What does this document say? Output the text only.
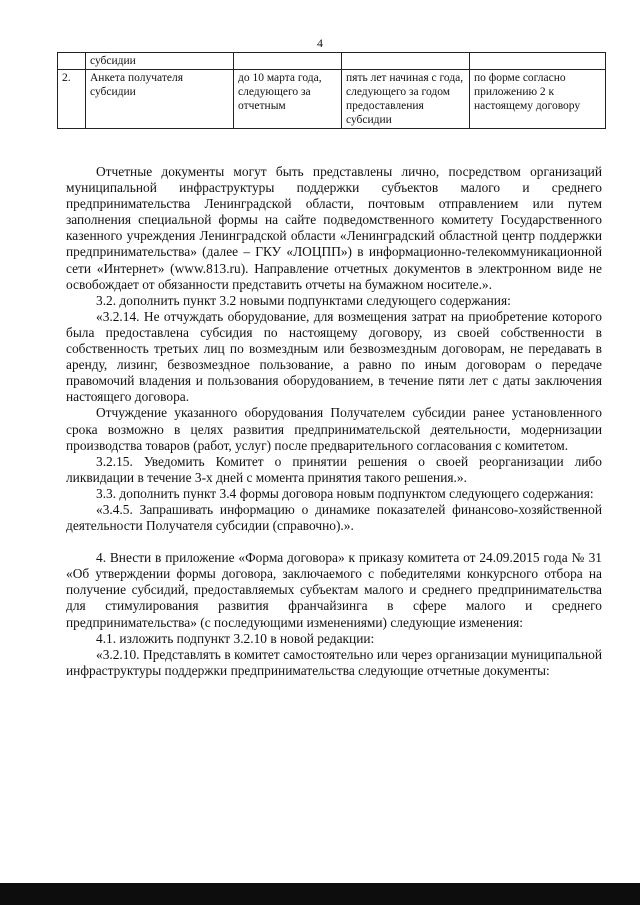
4
	субсидии			
2.	Анкета получателя субсидии	до 10 марта года, следующего за отчетным	пять лет начиная с года, следующего за годом предоставления субсидии	по форме согласно приложению 2 к настоящему договору

Отчетные документы могут быть представлены лично, посредством организаций муниципальной инфраструктуры поддержки субъектов малого и среднего предпринимательства Ленинградской области, почтовым отправлением или путем заполнения специальной формы на сайте подведомственного комитету Государственного казенного учреждения Ленинградской области «Ленинградский областной центр поддержки предпринимательства» (далее – ГКУ «ЛОЦПП») в информационно-телекоммуникационной сети «Интернет» (www.813.ru). Направление отчетных документов в электронном виде не освобождает от обязанности представить отчеты на бумажном носителе.».

3.2. дополнить пункт 3.2 новыми подпунктами следующего содержания:

«3.2.14. Не отчуждать оборудование, для возмещения затрат на приобретение которого была предоставлена субсидия по настоящему договору, из своей собственности в собственность третьих лиц по возмездным или безвозмездным договорам, не передавать в аренду, лизинг, безвозмездное пользование, а равно по иным договорам о передаче правомочий владения и пользования оборудованием, в течение пяти лет с даты заключения настоящего договора.

Отчуждение указанного оборудования Получателем субсидии ранее установленного срока возможно в целях развития предпринимательской деятельности, модернизации производства товаров (работ, услуг) после предварительного согласования с комитетом.

3.2.15. Уведомить Комитет о принятии решения о своей реорганизации либо ликвидации в течение 3-х дней с момента принятия такого решения.».

3.3. дополнить пункт 3.4 формы договора новым подпунктом следующего содержания:

«3.4.5. Запрашивать информацию о динамике показателей финансово-хозяйственной деятельности Получателя субсидии (справочно).».

4. Внести в приложение «Форма договора» к приказу комитета от 24.09.2015 года № 31 «Об утверждении формы договора, заключаемого с победителями конкурсного отбора на получение субсидий, предоставляемых субъектам малого и среднего предпринимательства для стимулирования развития франчайзинга в сфере малого и среднего предпринимательства» (с последующими изменениями) следующие изменения:

4.1. изложить подпункт 3.2.10 в новой редакции:

«3.2.10. Представлять в комитет самостоятельно или через организации муниципальной инфраструктуры поддержки предпринимательства следующие отчетные документы:
